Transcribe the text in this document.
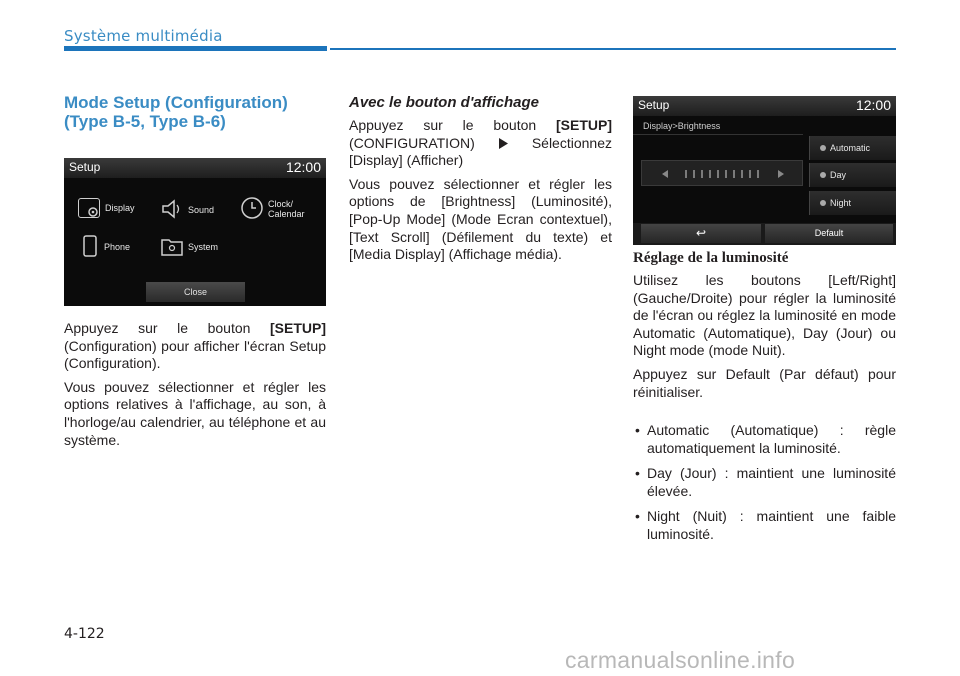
Système multimédia
Mode Setup (Configuration)
(Type B-5, Type B-6)
Setup	12:00
Display	Sound
Clock/
Calendar
Phone	System
Close

Appuyez sur le bouton [SETUP] (Configuration) pour afficher l'écran Setup (Configuration).

Vous pouvez sélectionner et régler les options relatives à l'affichage, au son, à l'horloge/au calendrier, au téléphone et au système.

Avec le bouton d'affichage

Appuyez sur le bouton [SETUP] (CONFIGURATION)  Sélectionnez [Display] (Afficher)

Vous pouvez sélectionner et régler les options de [Brightness] (Luminosité), [Pop-Up Mode] (Mode Ecran contextuel), [Text Scroll] (Défilement du texte) et [Media Display] (Affichage média).

Setup	12:00
Display>Brightness
Automatic
Day
Night
↩	Default
Réglage de la luminosité

Utilisez les boutons [Left/Right] (Gauche/Droite) pour régler la luminosité de l'écran ou réglez la luminosité en mode Automatic (Automatique), Day (Jour) ou Night mode (mode Nuit).

Appuyez sur Default (Par défaut) pour réinitialiser.

• Automatic (Automatique) : règle automatiquement la luminosité.
• Day (Jour) : maintient une luminosité élevée.
• Night (Nuit) : maintient une faible luminosité.
4-122
carmanualsonline.info
